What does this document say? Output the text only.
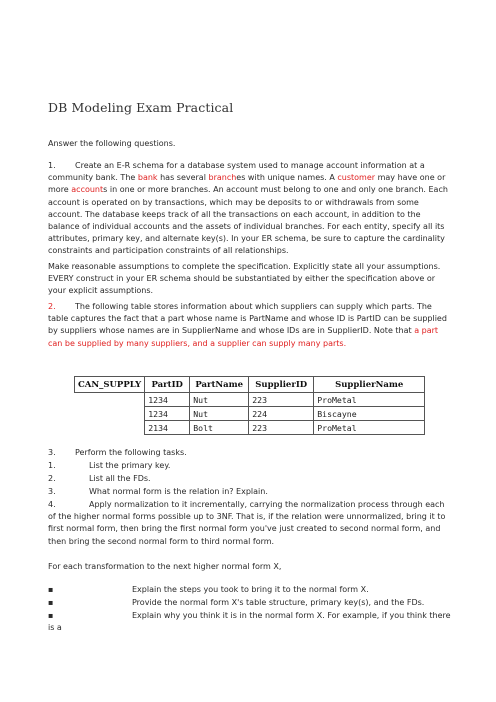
DB Modeling Exam Practical
Answer the following questions.
1. Create an E-R schema for a database system used to manage account information at a community bank. The bank has several branches with unique names. A customer may have one or more accounts in one or more branches. An account must belong to one and only one branch. Each account is operated on by transactions, which may be deposits to or withdrawals from some account. The database keeps track of all the transactions on each account, in addition to the balance of individual accounts and the assets of individual branches. For each entity, specify all its attributes, primary key, and alternate key(s). In your ER schema, be sure to capture the cardinality constraints and participation constraints of all relationships.
Make reasonable assumptions to complete the specification. Explicitly state all your assumptions. EVERY construct in your ER schema should be substantiated by either the specification above or your explicit assumptions.
2. The following table stores information about which suppliers can supply which parts. The table captures the fact that a part whose name is PartName and whose ID is PartID can be supplied by suppliers whose names are in SupplierName and whose IDs are in SupplierID. Note that a part can be supplied by many suppliers, and a supplier can supply many parts.
CAN_SUPPLY	PartID	PartName	SupplierID	SupplierName
	1234	Nut	223	ProMetal
	1234	Nut	224	Biscayne
	2134	Bolt	223	ProMetal
3. Perform the following tasks.
1.	List the primary key.
2.	List all the FDs.
3.	What normal form is the relation in? Explain.
4.	Apply normalization to it incrementally, carrying the normalization process through each of the higher normal forms possible up to 3NF. That is, if the relation were unnormalized, bring it to first normal form, then bring the first normal form you've just created to second normal form, and then bring the second normal form to third normal form.
For each transformation to the next higher normal form X,
▪	Explain the steps you took to bring it to the normal form X.
▪	Provide the normal form X's table structure, primary key(s), and the FDs.
▪	Explain why you think it is in the normal form X. For example, if you think there is a
